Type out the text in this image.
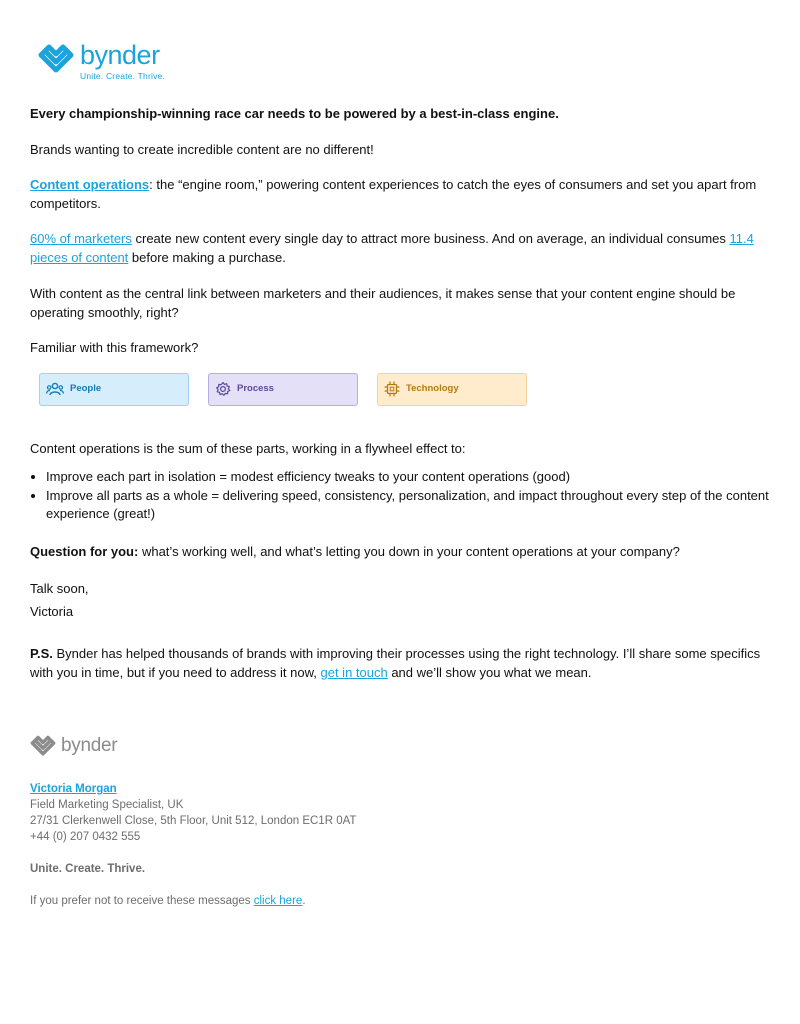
bynder
Unite. Create. Thrive.

Every championship-winning race car needs to be powered by a best-in-class engine.

Brands wanting to create incredible content are no different!

Content operations: the “engine room,” powering content experiences to catch the eyes of consumers and set you apart from competitors.

60% of marketers create new content every single day to attract more business. And on average, an individual consumes 11.4 pieces of content before making a purchase.

With content as the central link between marketers and their audiences, it makes sense that your content engine should be operating smoothly, right?

Familiar with this framework?

People	Process	Technology

Content operations is the sum of these parts, working in a flywheel effect to:

• Improve each part in isolation = modest efficiency tweaks to your content operations (good)
• Improve all parts as a whole = delivering speed, consistency, personalization, and impact throughout every step of the content experience (great!)

Question for you: what’s working well, and what’s letting you down in your content operations at your company?

Talk soon,

Victoria

P.S. Bynder has helped thousands of brands with improving their processes using the right technology. I’ll share some specifics with you in time, but if you need to address it now, get in touch and we’ll show you what we mean.

bynder

Victoria Morgan

Field Marketing Specialist, UK

27/31 Clerkenwell Close, 5th Floor, Unit 512, London EC1R 0AT

+44 (0) 207 0432 555

Unite. Create. Thrive.

If you prefer not to receive these messages click here.
